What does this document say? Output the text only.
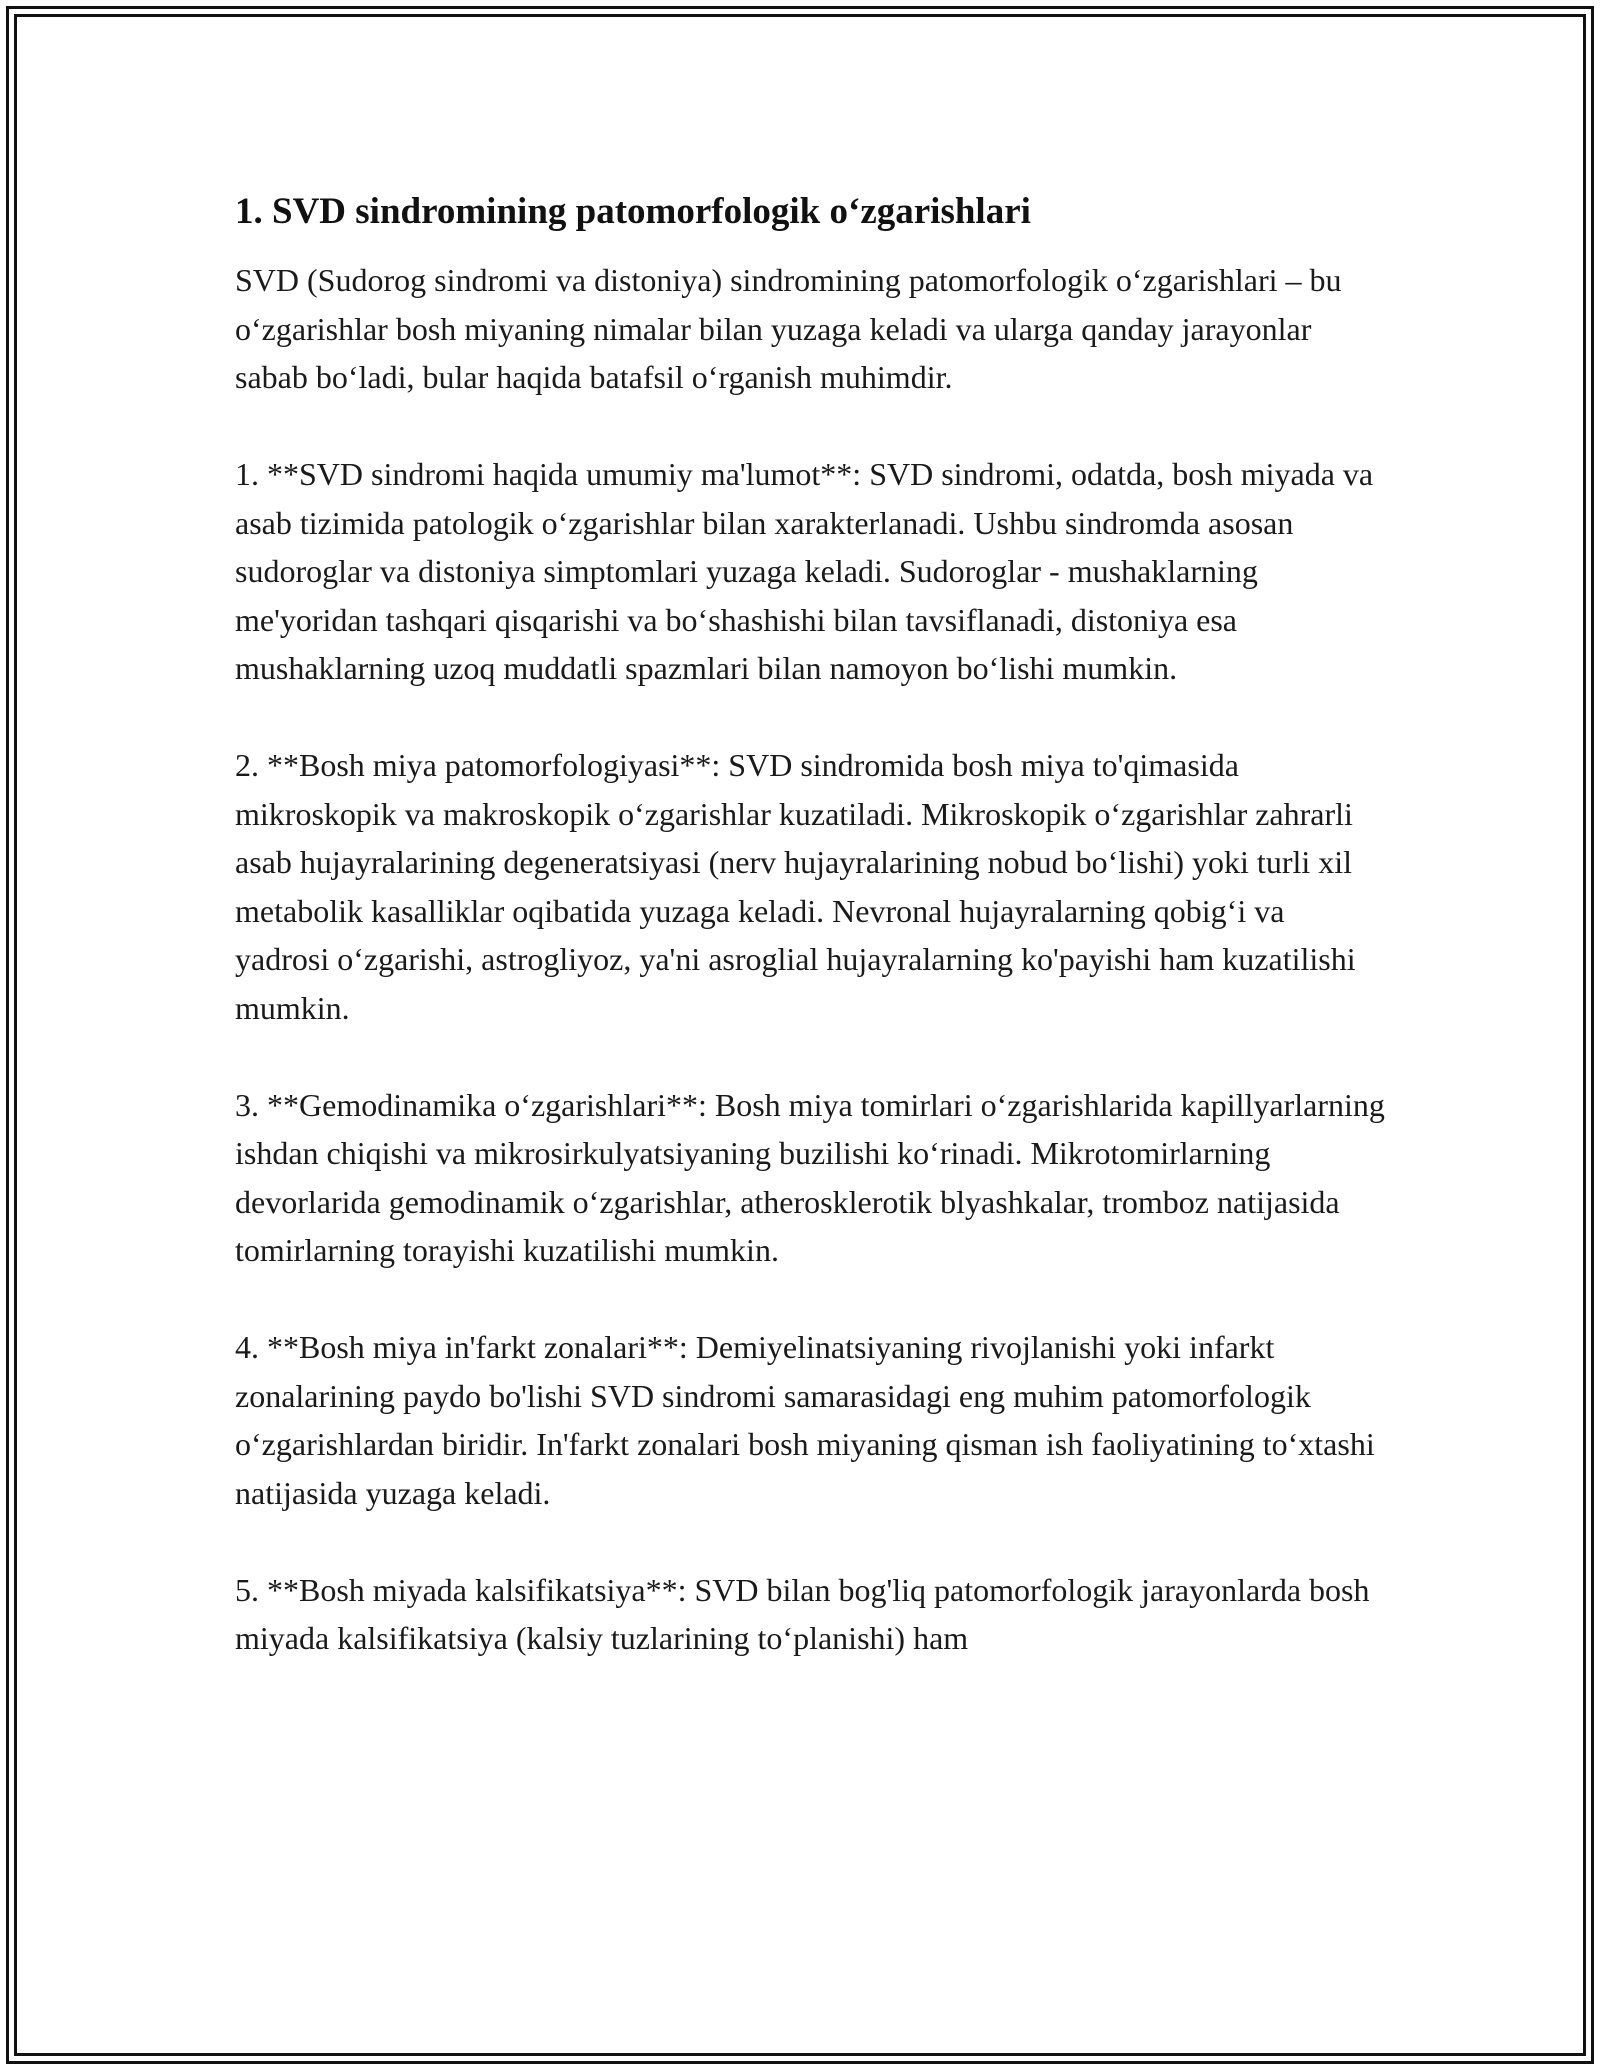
1. SVD sindromining patomorfologik o‘zgarishlari

SVD (Sudorog sindromi va distoniya) sindromining patomorfologik o‘zgarishlari – bu o‘zgarishlar bosh miyaning nimalar bilan yuzaga keladi va ularga qanday jarayonlar sabab bo‘ladi, bular haqida batafsil o‘rganish muhimdir.

1. **SVD sindromi haqida umumiy ma'lumot**: SVD sindromi, odatda, bosh miyada va asab tizimida patologik o‘zgarishlar bilan xarakterlanadi. Ushbu sindromda asosan sudoroglar va distoniya simptomlari yuzaga keladi. Sudoroglar - mushaklarning me'yoridan tashqari qisqarishi va bo‘shashishi bilan tavsiflanadi, distoniya esa mushaklarning uzoq muddatli spazmlari bilan namoyon bo‘lishi mumkin.

2. **Bosh miya patomorfologiyasi**: SVD sindromida bosh miya to'qimasida mikroskopik va makroskopik o‘zgarishlar kuzatiladi. Mikroskopik o‘zgarishlar zahrarli asab hujayralarining degeneratsiyasi (nerv hujayralarining nobud bo‘lishi) yoki turli xil metabolik kasalliklar oqibatida yuzaga keladi. Nevronal hujayralarning qobig‘i va yadrosi o‘zgarishi, astrogliyoz, ya'ni asroglial hujayralarning ko'payishi ham kuzatilishi mumkin.

3. **Gemodinamika o‘zgarishlari**: Bosh miya tomirlari o‘zgarishlarida kapillyarlarning ishdan chiqishi va mikrosirkulyatsiyaning buzilishi ko‘rinadi. Mikrotomirlarning devorlarida gemodinamik o‘zgarishlar, atherosklerotik blyashkalar, tromboz natijasida tomirlarning torayishi kuzatilishi mumkin.

4. **Bosh miya in'farkt zonalari**: Demiyelinatsiyaning rivojlanishi yoki infarkt zonalarining paydo bo'lishi SVD sindromi samarasidagi eng muhim patomorfologik o‘zgarishlardan biridir. In'farkt zonalari bosh miyaning qisman ish faoliyatining to‘xtashi natijasida yuzaga keladi.

5. **Bosh miyada kalsifikatsiya**: SVD bilan bog'liq patomorfologik jarayonlarda bosh miyada kalsifikatsiya (kalsiy tuzlarining to‘planishi) ham
